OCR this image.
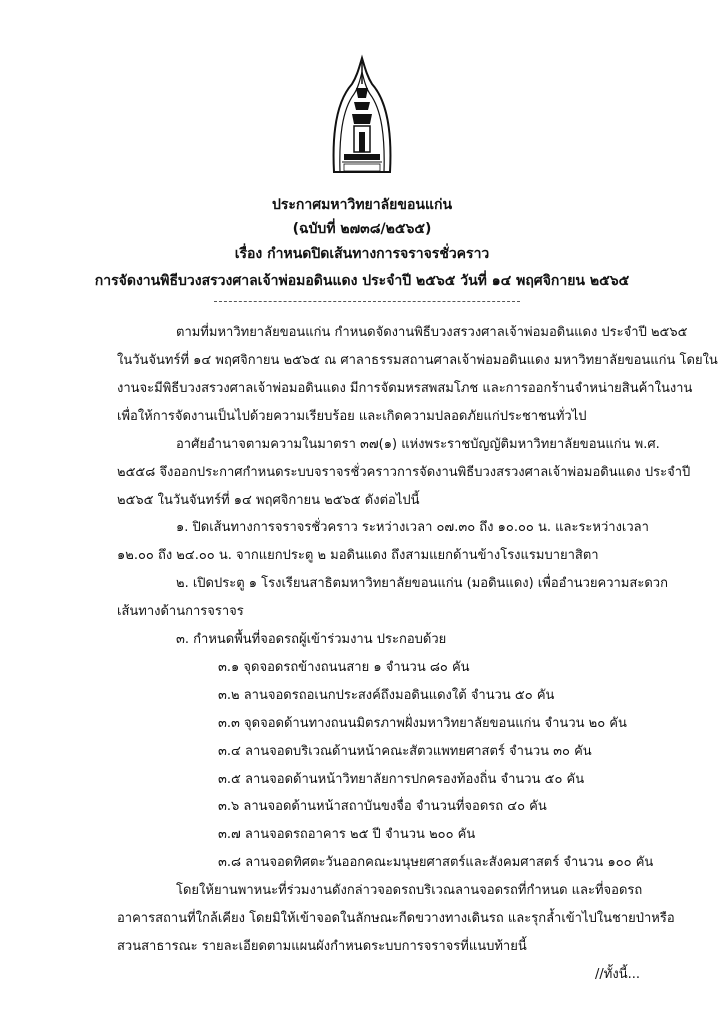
ประกาศมหาวิทยาลัยขอนแก่น
(ฉบับที่ ๒๗๓๘/๒๕๖๕)
เรื่อง กำหนดปิดเส้นทางการจราจรชั่วคราว
การจัดงานพิธีบวงสรวงศาลเจ้าพ่อมอดินแดง ประจำปี ๒๕๖๕ วันที่ ๑๔ พฤศจิกายน ๒๕๖๕
ตามที่มหาวิทยาลัยขอนแก่น กำหนดจัดงานพิธีบวงสรวงศาลเจ้าพ่อมอดินแดง ประจำปี ๒๕๖๕
ในวันจันทร์ที่ ๑๔ พฤศจิกายน ๒๕๖๕ ณ ศาลาธรรมสถานศาลเจ้าพ่อมอดินแดง มหาวิทยาลัยขอนแก่น โดยใน
งานจะมีพิธีบวงสรวงศาลเจ้าพ่อมอดินแดง มีการจัดมหรสพสมโภช และการออกร้านจำหน่ายสินค้าในงาน
เพื่อให้การจัดงานเป็นไปด้วยความเรียบร้อย และเกิดความปลอดภัยแก่ประชาชนทั่วไป
อาศัยอำนาจตามความในมาตรา ๓๗(๑) แห่งพระราชบัญญัติมหาวิทยาลัยขอนแก่น พ.ศ.
๒๕๕๘ จึงออกประกาศกำหนดระบบจราจรชั่วคราวการจัดงานพิธีบวงสรวงศาลเจ้าพ่อมอดินแดง ประจำปี
๒๕๖๕ ในวันจันทร์ที่ ๑๔ พฤศจิกายน ๒๕๖๕ ดังต่อไปนี้
๑. ปิดเส้นทางการจราจรชั่วคราว ระหว่างเวลา ๐๗.๓๐ ถึง ๑๐.๐๐ น. และระหว่างเวลา
๑๒.๐๐ ถึง ๒๔.๐๐ น. จากแยกประตู ๒ มอดินแดง ถึงสามแยกด้านข้างโรงแรมบายาสิตา
๒. เปิดประตู ๑ โรงเรียนสาธิตมหาวิทยาลัยขอนแก่น (มอดินแดง) เพื่ออำนวยความสะดวก
เส้นทางด้านการจราจร
๓. กำหนดพื้นที่จอดรถผู้เข้าร่วมงาน ประกอบด้วย
๓.๑ จุดจอดรถข้างถนนสาย ๑ จำนวน ๘๐ คัน
๓.๒ ลานจอดรถอเนกประสงค์ถึงมอดินแดงใต้ จำนวน ๕๐ คัน
๓.๓ จุดจอดด้านทางถนนมิตรภาพฝั่งมหาวิทยาลัยขอนแก่น จำนวน ๒๐ คัน
๓.๔ ลานจอดบริเวณด้านหน้าคณะสัตวแพทยศาสตร์ จำนวน ๓๐ คัน
๓.๕ ลานจอดด้านหน้าวิทยาลัยการปกครองท้องถิ่น จำนวน ๕๐ คัน
๓.๖ ลานจอดด้านหน้าสถาบันขงจื่อ จำนวนที่จอดรถ ๔๐ คัน
๓.๗ ลานจอดรถอาคาร ๒๕ ปี จำนวน ๒๐๐ คัน
๓.๘ ลานจอดทิศตะวันออกคณะมนุษยศาสตร์และสังคมศาสตร์ จำนวน ๑๐๐ คัน
โดยให้ยานพาหนะที่ร่วมงานดังกล่าวจอดรถบริเวณลานจอดรถที่กำหนด และที่จอดรถ
อาคารสถานที่ใกล้เคียง โดยมิให้เข้าจอดในลักษณะกีดขวางทางเดินรถ และรุกล้ำเข้าไปในชายป่าหรือ
สวนสาธารณะ รายละเอียดตามแผนผังกำหนดระบบการจราจรที่แนบท้ายนี้
//ทั้งนี้...
